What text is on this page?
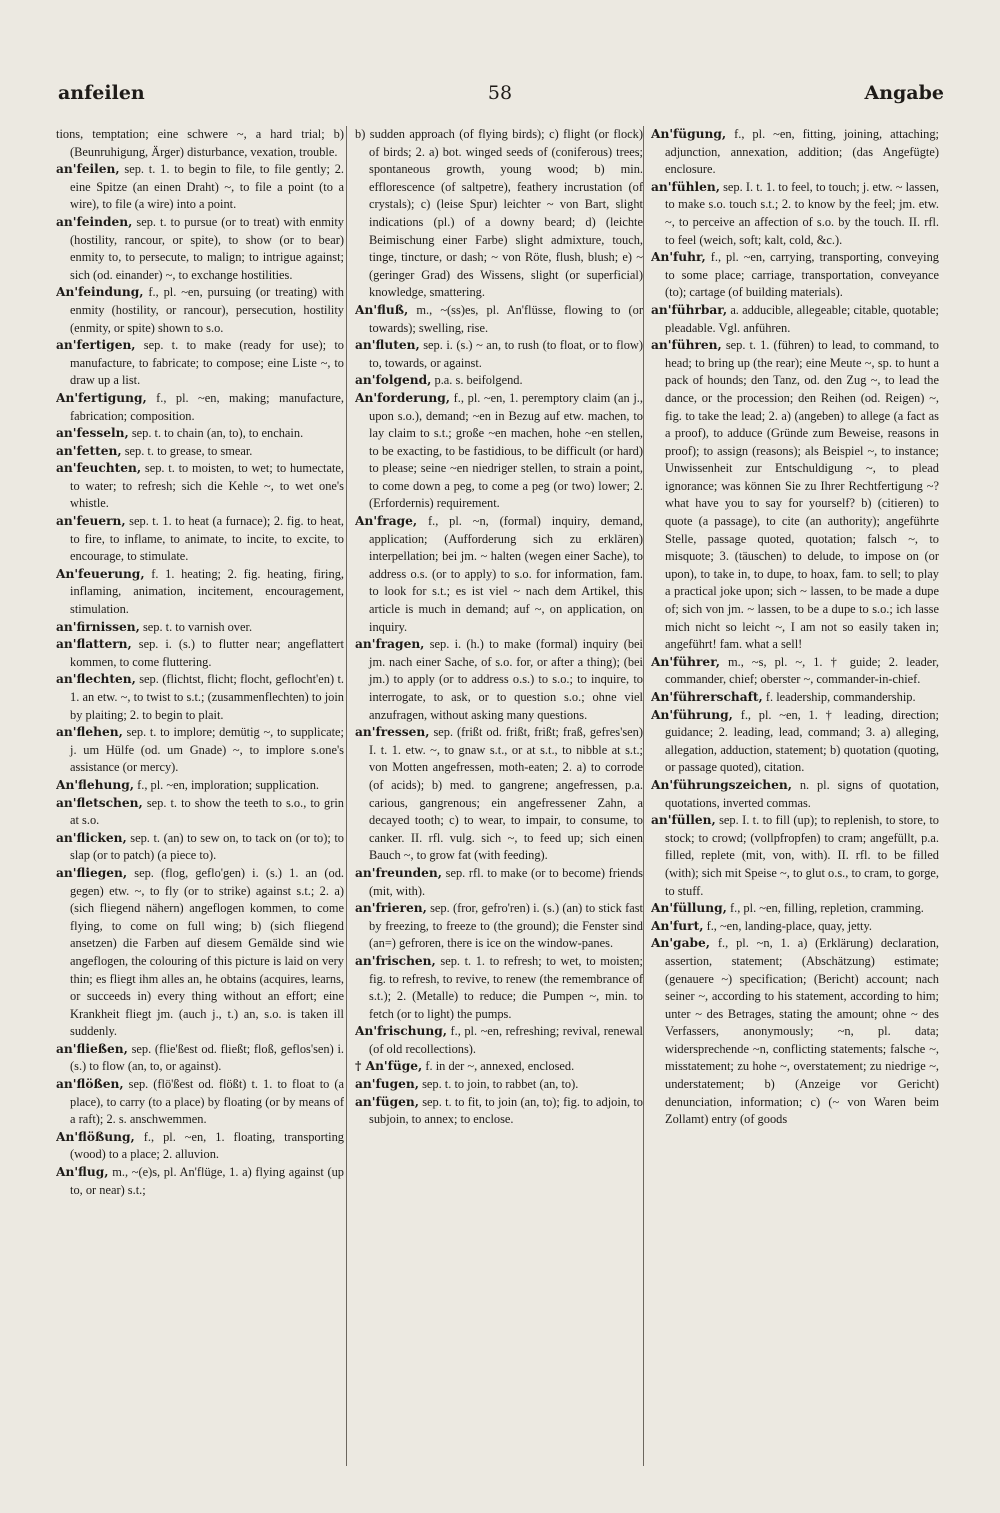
anfeilen	58	Angabe

tions, temptation; eine schwere ~, a hard trial; b) (Beunruhigung, Ärger) disturbance, vexation, trouble.

an'feilen, sep. t. 1. to begin to file, to file gently; 2. eine Spitze (an einen Draht) ~, to file a point (to a wire), to file (a wire) into a point.

an'feinden, sep. t. to pursue (or to treat) with enmity (hostility, rancour, or spite), to show (or to bear) enmity to, to persecute, to malign; to intrigue against; sich (od. einander) ~, to exchange hostilities.

An'feindung, f., pl. ~en, pursuing (or treating) with enmity (hostility, or rancour), persecution, hostility (enmity, or spite) shown to s.o.

an'fertigen, sep. t. to make (ready for use); to manufacture, to fabricate; to compose; eine Liste ~, to draw up a list.

An'fertigung, f., pl. ~en, making; manufacture, fabrication; composition.

an'fesseln, sep. t. to chain (an, to), to enchain.

an'fetten, sep. t. to grease, to smear.

an'feuchten, sep. t. to moisten, to wet; to humectate, to water; to refresh; sich die Kehle ~, to wet one's whistle.

an'feuern, sep. t. 1. to heat (a furnace); 2. fig. to heat, to fire, to inflame, to animate, to incite, to excite, to encourage, to stimulate.

An'feuerung, f. 1. heating; 2. fig. heating, firing, inflaming, animation, incitement, encouragement, stimulation.

an'firnissen, sep. t. to varnish over.

an'flattern, sep. i. (s.) to flutter near; angeflattert kommen, to come fluttering.

an'flechten, sep. (flichtst, flicht; flocht, geflocht'en) t. 1. an etw. ~, to twist to s.t.; (zusammenflechten) to join by plaiting; 2. to begin to plait.

an'flehen, sep. t. to implore; demütig ~, to supplicate; j. um Hülfe (od. um Gnade) ~, to implore s.one's assistance (or mercy).

An'flehung, f., pl. ~en, imploration; supplication.

an'fletschen, sep. t. to show the teeth to s.o., to grin at s.o.

an'flicken, sep. t. (an) to sew on, to tack on (or to); to slap (or to patch) (a piece to).

an'fliegen, sep. (flog, geflo'gen) i. (s.) 1. an (od. gegen) etw. ~, to fly (or to strike) against s.t.; 2. a) (sich fliegend nähern) angeflogen kommen, to come flying, to come on full wing; b) (sich fliegend ansetzen) die Farben auf diesem Gemälde sind wie angeflogen, the colouring of this picture is laid on very thin; es fliegt ihm alles an, he obtains (acquires, learns, or succeeds in) every thing without an effort; eine Krankheit fliegt jm. (auch j., t.) an, s.o. is taken ill suddenly.

an'fließen, sep. (flie'ßest od. fließt; floß, geflos'sen) i. (s.) to flow (an, to, or against).

an'flößen, sep. (flö'ßest od. flößt) t. 1. to float to (a place), to carry (to a place) by floating (or by means of a raft); 2. s. anschwemmen.

An'flößung, f., pl. ~en, 1. floating, transporting (wood) to a place; 2. alluvion.

An'flug, m., ~(e)s, pl. An'flüge, 1. a) flying against (up to, or near) s.t.;

b) sudden approach (of flying birds); c) flight (or flock) of birds; 2. a) bot. winged seeds of (coniferous) trees; spontaneous growth, young wood; b) min. efflorescence (of saltpetre), feathery incrustation (of crystals); c) (leise Spur) leichter ~ von Bart, slight indications (pl.) of a downy beard; d) (leichte Beimischung einer Farbe) slight admixture, touch, tinge, tincture, or dash; ~ von Röte, flush, blush; e) ~ (geringer Grad) des Wissens, slight (or superficial) knowledge, smattering.

An'fluß, m., ~(ss)es, pl. An'flüsse, flowing to (or towards); swelling, rise.

an'fluten, sep. i. (s.) ~ an, to rush (to float, or to flow) to, towards, or against.

an'folgend, p.a. s. beifolgend.

An'forderung, f., pl. ~en, 1. peremptory claim (an j., upon s.o.), demand; ~en in Bezug auf etw. machen, to lay claim to s.t.; große ~en machen, hohe ~en stellen, to be exacting, to be fastidious, to be difficult (or hard) to please; seine ~en niedriger stellen, to strain a point, to come down a peg, to come a peg (or two) lower; 2. (Erfordernis) requirement.

An'frage, f., pl. ~n, (formal) inquiry, demand, application; (Aufforderung sich zu erklären) interpellation; bei jm. ~ halten (wegen einer Sache), to address o.s. (or to apply) to s.o. for information, fam. to look for s.t.; es ist viel ~ nach dem Artikel, this article is much in demand; auf ~, on application, on inquiry.

an'fragen, sep. i. (h.) to make (formal) inquiry (bei jm. nach einer Sache, of s.o. for, or after a thing); (bei jm.) to apply (or to address o.s.) to s.o.; to inquire, to interrogate, to ask, or to question s.o.; ohne viel anzufragen, without asking many questions.

an'fressen, sep. (frißt od. frißt, frißt; fraß, gefres'sen) I. t. 1. etw. ~, to gnaw s.t., or at s.t., to nibble at s.t.; von Motten angefressen, moth-eaten; 2. a) to corrode (of acids); b) med. to gangrene; angefressen, p.a. carious, gangrenous; ein angefressener Zahn, a decayed tooth; c) to wear, to impair, to consume, to canker. II. rfl. vulg. sich ~, to feed up; sich einen Bauch ~, to grow fat (with feeding).

an'freunden, sep. rfl. to make (or to become) friends (mit, with).

an'frieren, sep. (fror, gefro'ren) i. (s.) (an) to stick fast by freezing, to freeze to (the ground); die Fenster sind (an=) gefroren, there is ice on the window-panes.

an'frischen, sep. t. 1. to refresh; to wet, to moisten; fig. to refresh, to revive, to renew (the remembrance of s.t.); 2. (Metalle) to reduce; die Pumpen ~, min. to fetch (or to light) the pumps.

An'frischung, f., pl. ~en, refreshing; revival, renewal (of old recollections).

† An'füge, f. in der ~, annexed, enclosed.

an'fugen, sep. t. to join, to rabbet (an, to).

an'fügen, sep. t. to fit, to join (an, to); fig. to adjoin, to subjoin, to annex; to enclose.

An'fügung, f., pl. ~en, fitting, joining, attaching; adjunction, annexation, addition; (das Angefügte) enclosure.

an'fühlen, sep. I. t. 1. to feel, to touch; j. etw. ~ lassen, to make s.o. touch s.t.; 2. to know by the feel; jm. etw. ~, to perceive an affection of s.o. by the touch. II. rfl. to feel (weich, soft; kalt, cold, &c.).

An'fuhr, f., pl. ~en, carrying, transporting, conveying to some place; carriage, transportation, conveyance (to); cartage (of building materials).

an'führbar, a. adducible, allegeable; citable, quotable; pleadable. Vgl. anführen.

an'führen, sep. t. 1. (führen) to lead, to command, to head; to bring up (the rear); eine Meute ~, sp. to hunt a pack of hounds; den Tanz, od. den Zug ~, to lead the dance, or the procession; den Reihen (od. Reigen) ~, fig. to take the lead; 2. a) (angeben) to allege (a fact as a proof), to adduce (Gründe zum Beweise, reasons in proof); to assign (reasons); als Beispiel ~, to instance; Unwissenheit zur Entschuldigung ~, to plead ignorance; was können Sie zu Ihrer Rechtfertigung ~? what have you to say for yourself? b) (citieren) to quote (a passage), to cite (an authority); angeführte Stelle, passage quoted, quotation; falsch ~, to misquote; 3. (täuschen) to delude, to impose on (or upon), to take in, to dupe, to hoax, fam. to sell; to play a practical joke upon; sich ~ lassen, to be made a dupe of; sich von jm. ~ lassen, to be a dupe to s.o.; ich lasse mich nicht so leicht ~, I am not so easily taken in; angeführt! fam. what a sell!

An'führer, m., ~s, pl. ~, 1. † guide; 2. leader, commander, chief; oberster ~, commander-in-chief.

An'führerschaft, f. leadership, commandership.

An'führung, f., pl. ~en, 1. † leading, direction; guidance; 2. leading, lead, command; 3. a) alleging, allegation, adduction, statement; b) quotation (quoting, or passage quoted), citation.

An'führungszeichen, n. pl. signs of quotation, quotations, inverted commas.

an'füllen, sep. I. t. to fill (up); to replenish, to store, to stock; to crowd; (vollpfropfen) to cram; angefüllt, p.a. filled, replete (mit, von, with). II. rfl. to be filled (with); sich mit Speise ~, to glut o.s., to cram, to gorge, to stuff.

An'füllung, f., pl. ~en, filling, repletion, cramming.

An'furt, f., ~en, landing-place, quay, jetty.

An'gabe, f., pl. ~n, 1. a) (Erklärung) declaration, assertion, statement; (Abschätzung) estimate; (genauere ~) specification; (Bericht) account; nach seiner ~, according to his statement, according to him; unter ~ des Betrages, stating the amount; ohne ~ des Verfassers, anonymously; ~n, pl. data; widersprechende ~n, conflicting statements; falsche ~, misstatement; zu hohe ~, overstatement; zu niedrige ~, understatement; b) (Anzeige vor Gericht) denunciation, information; c) (~ von Waren beim Zollamt) entry (of goods
